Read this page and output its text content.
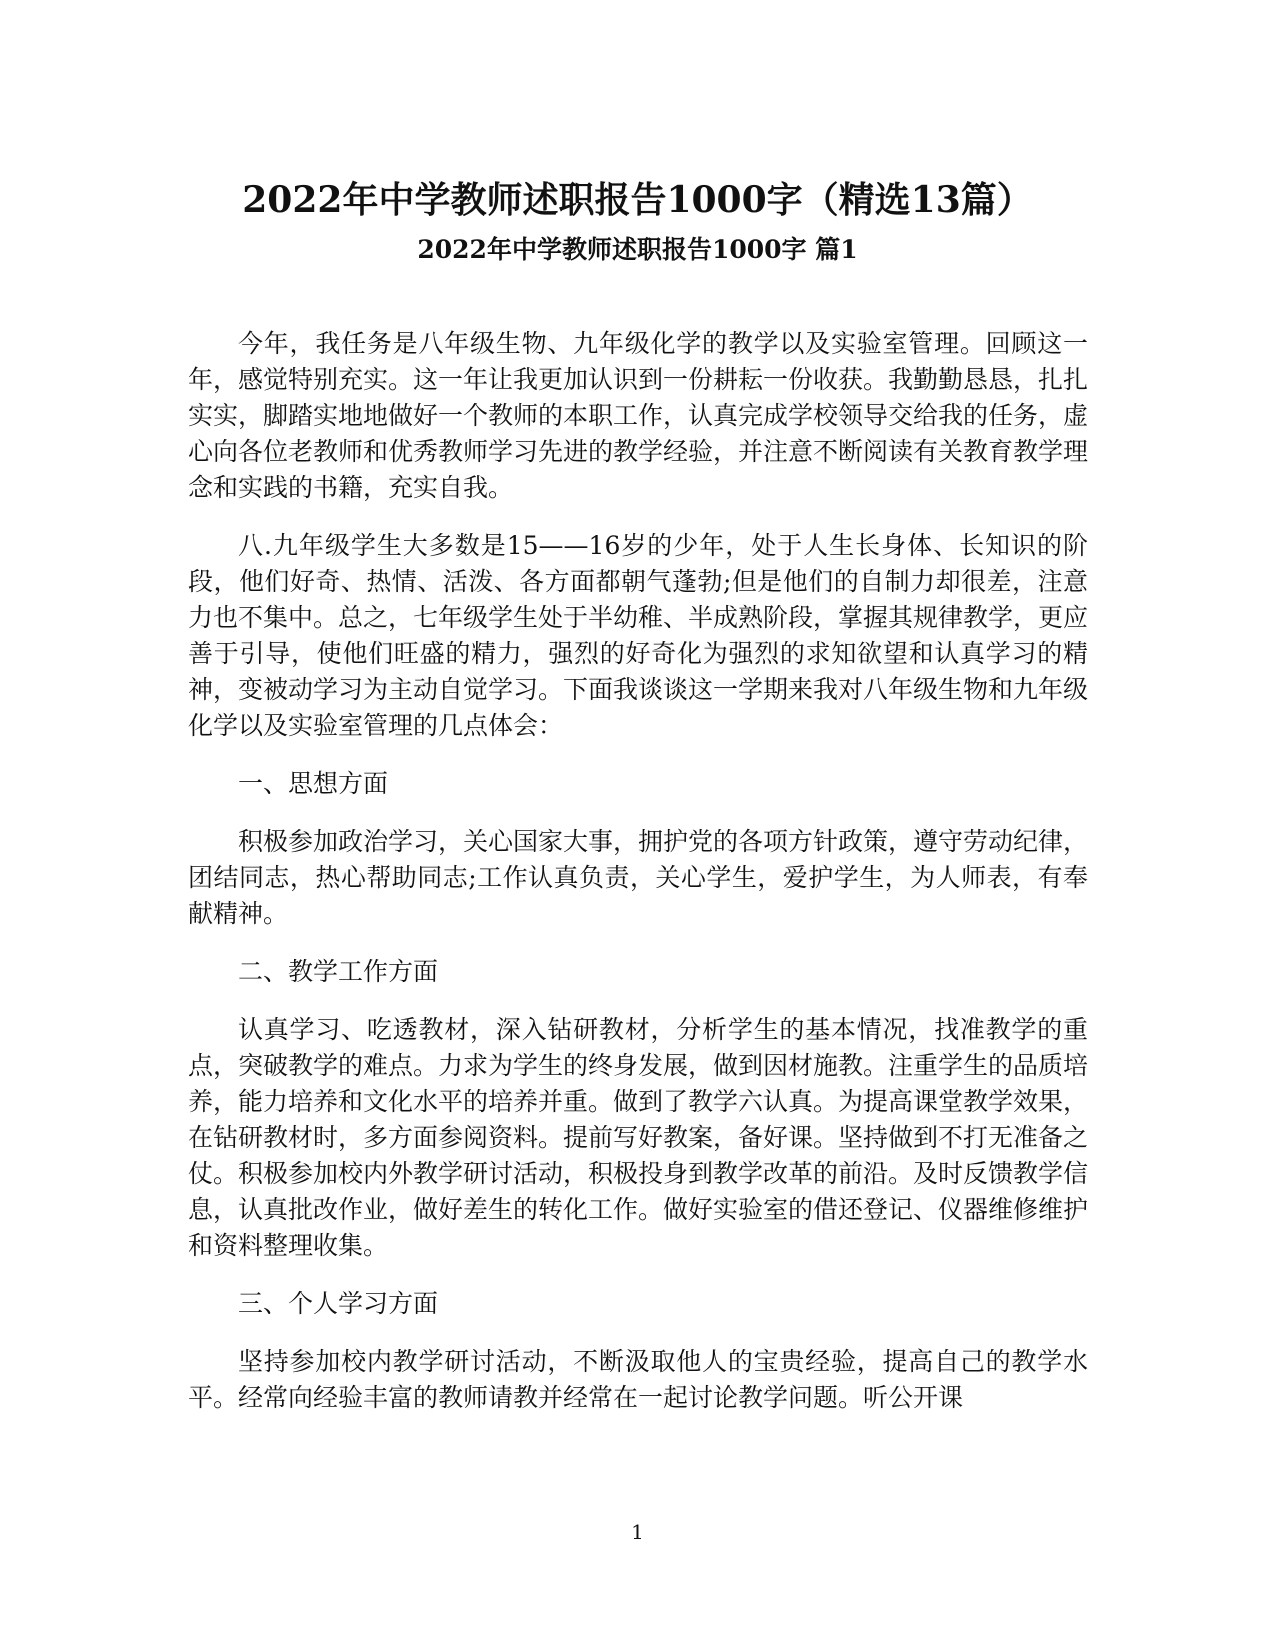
2022年中学教师述职报告1000字（精选13篇）
2022年中学教师述职报告1000字 篇1

今年，我任务是八年级生物、九年级化学的教学以及实验室管理。回顾这一年，感觉特别充实。这一年让我更加认识到一份耕耘一份收获。我勤勤恳恳，扎扎实实，脚踏实地地做好一个教师的本职工作，认真完成学校领导交给我的任务，虚心向各位老教师和优秀教师学习先进的教学经验，并注意不断阅读有关教育教学理念和实践的书籍，充实自我。

八.九年级学生大多数是15——16岁的少年，处于人生长身体、长知识的阶段，他们好奇、热情、活泼、各方面都朝气蓬勃;但是他们的自制力却很差，注意力也不集中。总之，七年级学生处于半幼稚、半成熟阶段，掌握其规律教学，更应善于引导，使他们旺盛的精力，强烈的好奇化为强烈的求知欲望和认真学习的精神，变被动学习为主动自觉学习。下面我谈谈这一学期来我对八年级生物和九年级化学以及实验室管理的几点体会：

一、思想方面

积极参加政治学习，关心国家大事，拥护党的各项方针政策，遵守劳动纪律，团结同志，热心帮助同志;工作认真负责，关心学生，爱护学生，为人师表，有奉献精神。

二、教学工作方面

认真学习、吃透教材，深入钻研教材，分析学生的基本情况，找准教学的重点，突破教学的难点。力求为学生的终身发展，做到因材施教。注重学生的品质培养，能力培养和文化水平的培养并重。做到了教学六认真。为提高课堂教学效果，在钻研教材时，多方面参阅资料。提前写好教案，备好课。坚持做到不打无准备之仗。积极参加校内外教学研讨活动，积极投身到教学改革的前沿。及时反馈教学信息，认真批改作业，做好差生的转化工作。做好实验室的借还登记、仪器维修维护和资料整理收集。

三、个人学习方面

坚持参加校内教学研讨活动，不断汲取他人的宝贵经验，提高自己的教学水平。经常向经验丰富的教师请教并经常在一起讨论教学问题。听公开课

1
